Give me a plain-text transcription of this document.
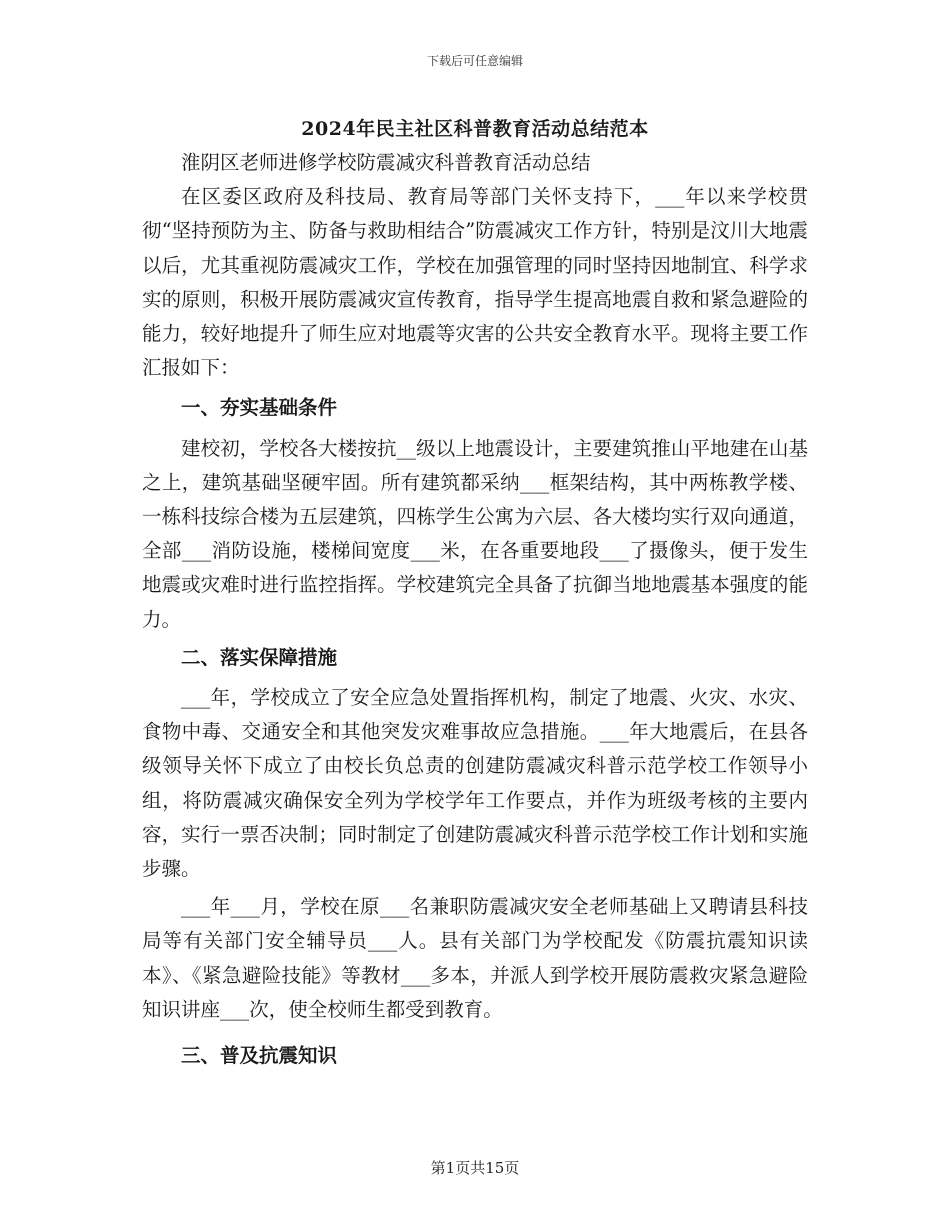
下载后可任意编辑
2024年民主社区科普教育活动总结范本

淮阴区老师进修学校防震减灾科普教育活动总结

在区委区政府及科技局、教育局等部门关怀支持下，___年以来学校贯彻“坚持预防为主、防备与救助相结合”防震减灾工作方针，特别是汶川大地震以后，尤其重视防震减灾工作，学校在加强管理的同时坚持因地制宜、科学求实的原则，积极开展防震减灾宣传教育，指导学生提高地震自救和紧急避险的能力，较好地提升了师生应对地震等灾害的公共安全教育水平。现将主要工作汇报如下：

一、夯实基础条件

建校初，学校各大楼按抗__级以上地震设计，主要建筑推山平地建在山基之上，建筑基础坚硬牢固。所有建筑都采纳___框架结构，其中两栋教学楼、一栋科技综合楼为五层建筑，四栋学生公寓为六层、各大楼均实行双向通道，全部___消防设施，楼梯间宽度___米，在各重要地段___了摄像头，便于发生地震或灾难时进行监控指挥。学校建筑完全具备了抗御当地地震基本强度的能力。

二、落实保障措施

___年，学校成立了安全应急处置指挥机构，制定了地震、火灾、水灾、食物中毒、交通安全和其他突发灾难事故应急措施。___年大地震后，在县各级领导关怀下成立了由校长负总责的创建防震减灾科普示范学校工作领导小组，将防震减灾确保安全列为学校学年工作要点，并作为班级考核的主要内容，实行一票否决制；同时制定了创建防震减灾科普示范学校工作计划和实施步骤。

___年___月，学校在原___名兼职防震减灾安全老师基础上又聘请县科技局等有关部门安全辅导员___人。县有关部门为学校配发《防震抗震知识读本》、《紧急避险技能》等教材___多本，并派人到学校开展防震救灾紧急避险知识讲座___次，使全校师生都受到教育。

三、普及抗震知识
第1页共15页
